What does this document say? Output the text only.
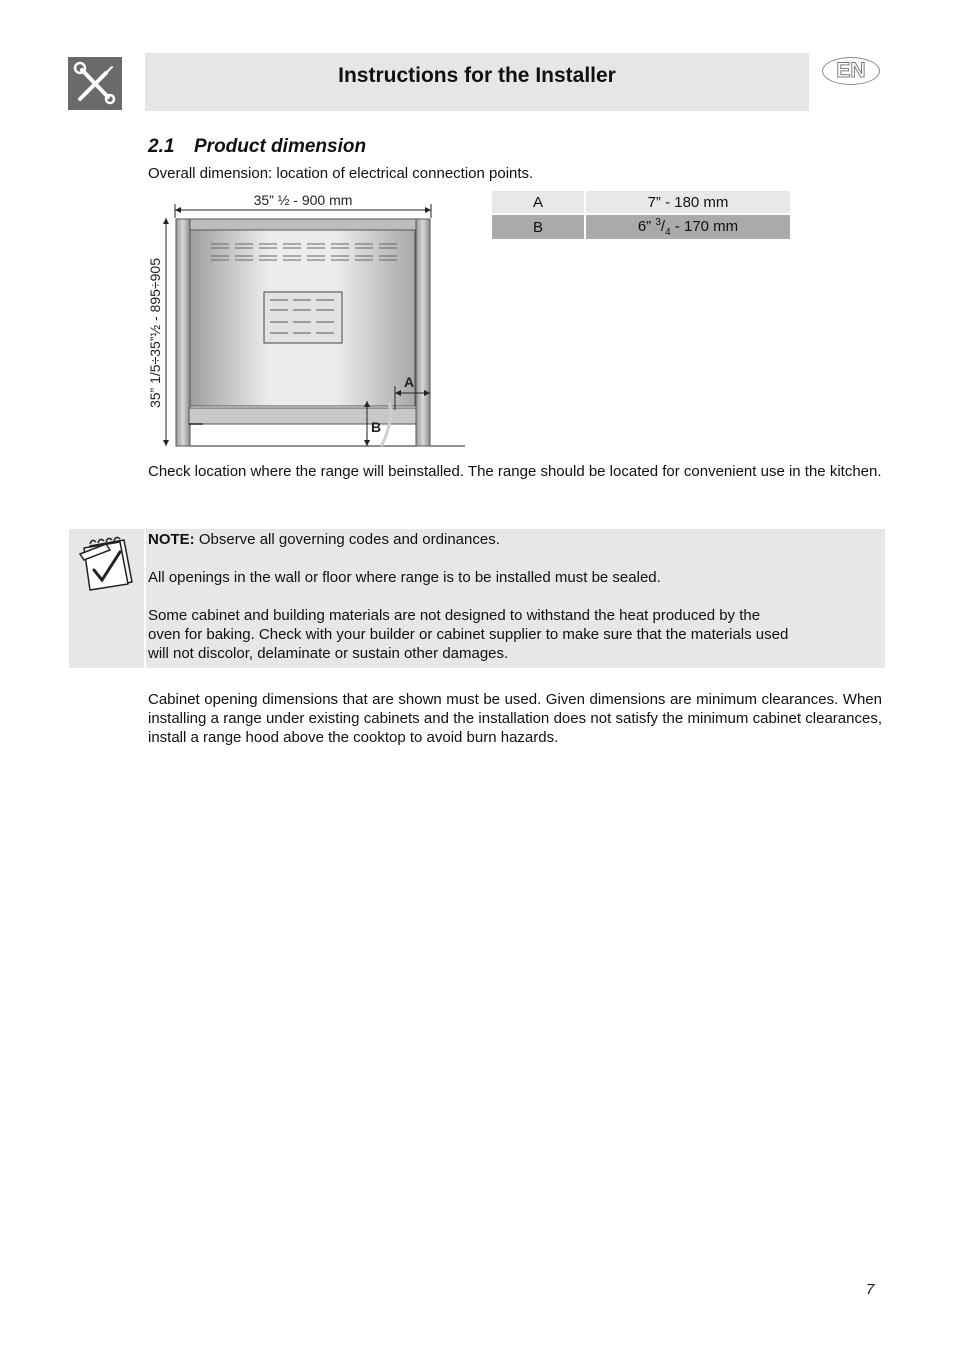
Instructions for the Installer	EN
2.1 Product dimension
Overall dimension: location of electrical connection points.
35” ½ - 900 mm
35” 1/5÷35”½ - 895÷905	A
B
A	7” - 180 mm

B	6” $^3/_4 - 170$ mm
Check location where the range will beinstalled. The range should be located for convenient use in the kitchen.
NOTE: Observe all governing codes and ordinances.
All openings in the wall or floor where range is to be installed must be sealed.
Some cabinet and building materials are not designed to withstand the heat produced by the
oven for baking. Check with your builder or cabinet supplier to make sure that the materials used
will not discolor, delaminate or sustain other damages.
Cabinet opening dimensions that are shown must be used. Given dimensions are minimum clearances. When installing a range under existing cabinets and the installation does not satisfy the minimum cabinet clearances, install a range hood above the cooktop to avoid burn hazards.
7
